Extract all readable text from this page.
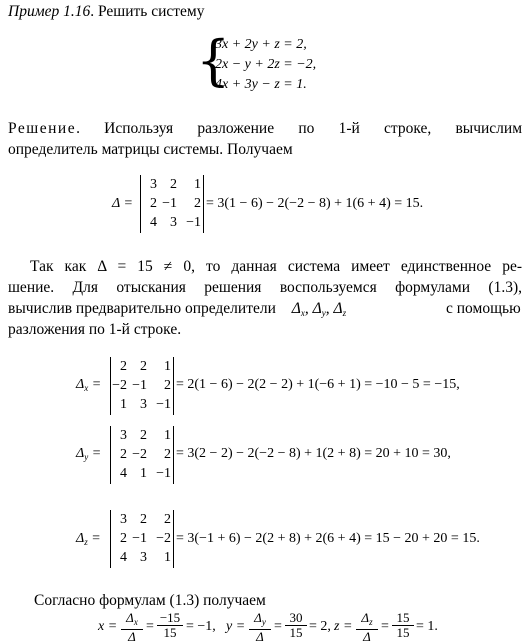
Пример 1.16. Решить систему
{
3x + 2y + z = 2,
2x − y + 2z = −2,
4x + 3y − z = 1.
Решение. Используя разложение по 1-й строке, вычислим
определитель матрицы системы. Получаем
Δ =
3 2	1
2 −1	2
4 3 −1
= 3(1 − 6) − 2(−2 − 8) + 1(6 + 4) = 15.
Так как Δ = 15 ≠ 0, то данная система имеет единственное ре-
шение. Для отыскания решения воспользуемся формулами (1.3),
вычислив предварительно определители $\Delta_x$, $\Delta_y$, $\Delta_z$	с помощью
разложения по 1-й строке.
$\Delta_x$ =
2 2	1
−2 −1	2
1 3 −1
= 2(1 − 6) − 2(2 − 2) + 1(−6 + 1) = −10 − 5 = −15,
$\Delta_y$ =
3 2	1
2 −2	2
4 1 −1
= 3(2 − 2) − 2(−2 − 8) + 1(2 + 8) = 20 + 10 = 30,
$\Delta_z$ =
3 2	2
2 −1 −2
4 3	1
= 3(−1 + 6) − 2(2 + 8) + 2(6 + 4) = 15 − 20 + 20 = 15.
Согласно формулам (1.3) получаем
$x = \frac{\Delta_x}{\Delta} = \frac{-15}{15} = -1$, $y = \frac{\Delta_y}{\Delta} = \frac{30}{15} = 2$, $z = \frac{\Delta_z}{\Delta} = \frac{15}{15} = 1$.
